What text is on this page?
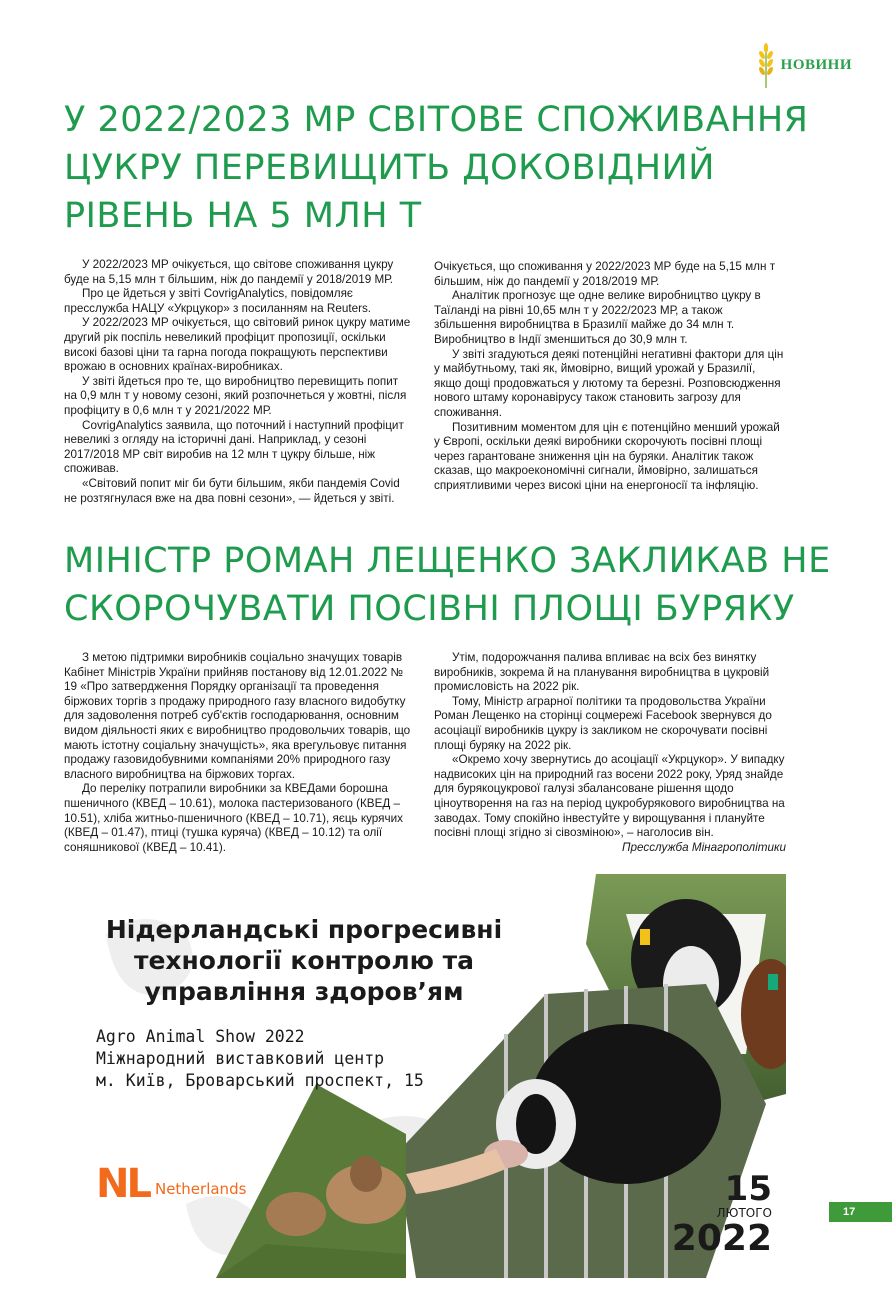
НОВИНИ
У 2022/2023 МР СВІТОВЕ СПОЖИВАННЯ ЦУКРУ ПЕРЕВИЩИТЬ ДОКОВІДНИЙ РІВЕНЬ НА 5 МЛН Т

У 2022/2023 МР очікується, що світове споживання цукру буде на 5,15 млн т більшим, ніж до пандемії у 2018/2019 МР.

Про це йдеться у звіті CovrigAnalytics, повідомляє пресслужба НАЦУ «Укрцукор» з посиланням на Reuters.

У 2022/2023 МР очікується, що світовий ринок цукру матиме другий рік поспіль невеликий профіцит пропозиції, оскільки високі базові ціни та гарна погода покращують перспективи врожаю в основних країнах-виробниках.

У звіті йдеться про те, що виробництво перевищить попит на 0,9 млн т у новому сезоні, який розпочнеться у жовтні, після профіциту в 0,6 млн т у 2021/2022 МР.

CovrigAnalytics заявила, що поточний і наступний профіцит невеликі з огляду на історичні дані. Наприклад, у сезоні 2017/2018 МР світ виробив на 12 млн т цукру більше, ніж споживав.

«Світовий попит міг би бути більшим, якби пандемія Covid не розтягнулася вже на два повні сезони», — йдеться у звіті.

Очікується, що споживання у 2022/2023 МР буде на 5,15 млн т більшим, ніж до пандемії у 2018/2019 МР.

Аналітик прогнозує ще одне велике виробництво цукру в Таїланді на рівні 10,65 млн т у 2022/2023 МР, а також збільшення виробництва в Бразилії майже до 34 млн т. Виробництво в Індії зменшиться до 30,9 млн т.

У звіті згадуються деякі потенційні негативні фактори для цін у майбутньому, такі як, ймовірно, вищий урожай у Бразилії, якщо дощі продовжаться у лютому та березні. Розповсюдження нового штаму коронавірусу також становить загрозу для споживання.

Позитивним моментом для цін є потенційно менший урожай у Європі, оскільки деякі виробники скорочують посівні площі через гарантоване зниження цін на буряки. Аналітик також сказав, що макроекономічні сигнали, ймовірно, залишаться сприятливими через високі ціни на енергоносії та інфляцію.

МІНІСТР РОМАН ЛЕЩЕНКО ЗАКЛИКАВ НЕ СКОРОЧУВАТИ ПОСІВНІ ПЛОЩІ БУРЯКУ

З метою підтримки виробників соціально значущих товарів Кабінет Міністрів України прийняв постанову від 12.01.2022 № 19 «Про затвердження Порядку організації та проведення біржових торгів з продажу природного газу власного видобутку для задоволення потреб суб'єктів господарювання, основним видом діяльності яких є виробництво продовольчих товарів, що мають істотну соціальну значущість», яка врегульовує питання продажу газовидобувними компаніями 20% природного газу власного виробництва на біржових торгах.

До переліку потрапили виробники за КВЕДами борошна пшеничного (КВЕД – 10.61), молока пастеризованого (КВЕД – 10.51), хліба житньо-пшеничного (КВЕД – 10.71), яєць курячих (КВЕД – 01.47), птиці (тушка куряча) (КВЕД – 10.12) та олії соняшникової (КВЕД – 10.41).

Утім, подорожчання палива впливає на всіх без винятку виробників, зокрема й на планування виробництва в цукровій промисловість на 2022 рік.

Тому, Міністр аграрної політики та продовольства України Роман Лещенко на сторінці соцмережі Facebook звернувся до асоціації виробників цукру із закликом не скорочувати посівні площі буряку на 2022 рік.

«Окремо хочу звернутись до асоціації «Укрцукор». У випадку надвисоких цін на природний газ восени 2022 року, Уряд знайде для бурякоцукрової галузі збалансоване рішення щодо ціноутворення на газ на період цукробурякового виробництва на заводах. Тому спокійно інвестуйте у вирощування і плануйте посівні площі згідно зі сівозміною», – наголосив він.

Пресслужба Мінагрополітики

Нідерландські прогресивні технології контролю та управління здоров’ям
Agro Animal Show 2022
Міжнародний виставковий центр
м. Київ, Броварський проспект, 15
NL Netherlands	15
ЛЮТОГО
2022
17
